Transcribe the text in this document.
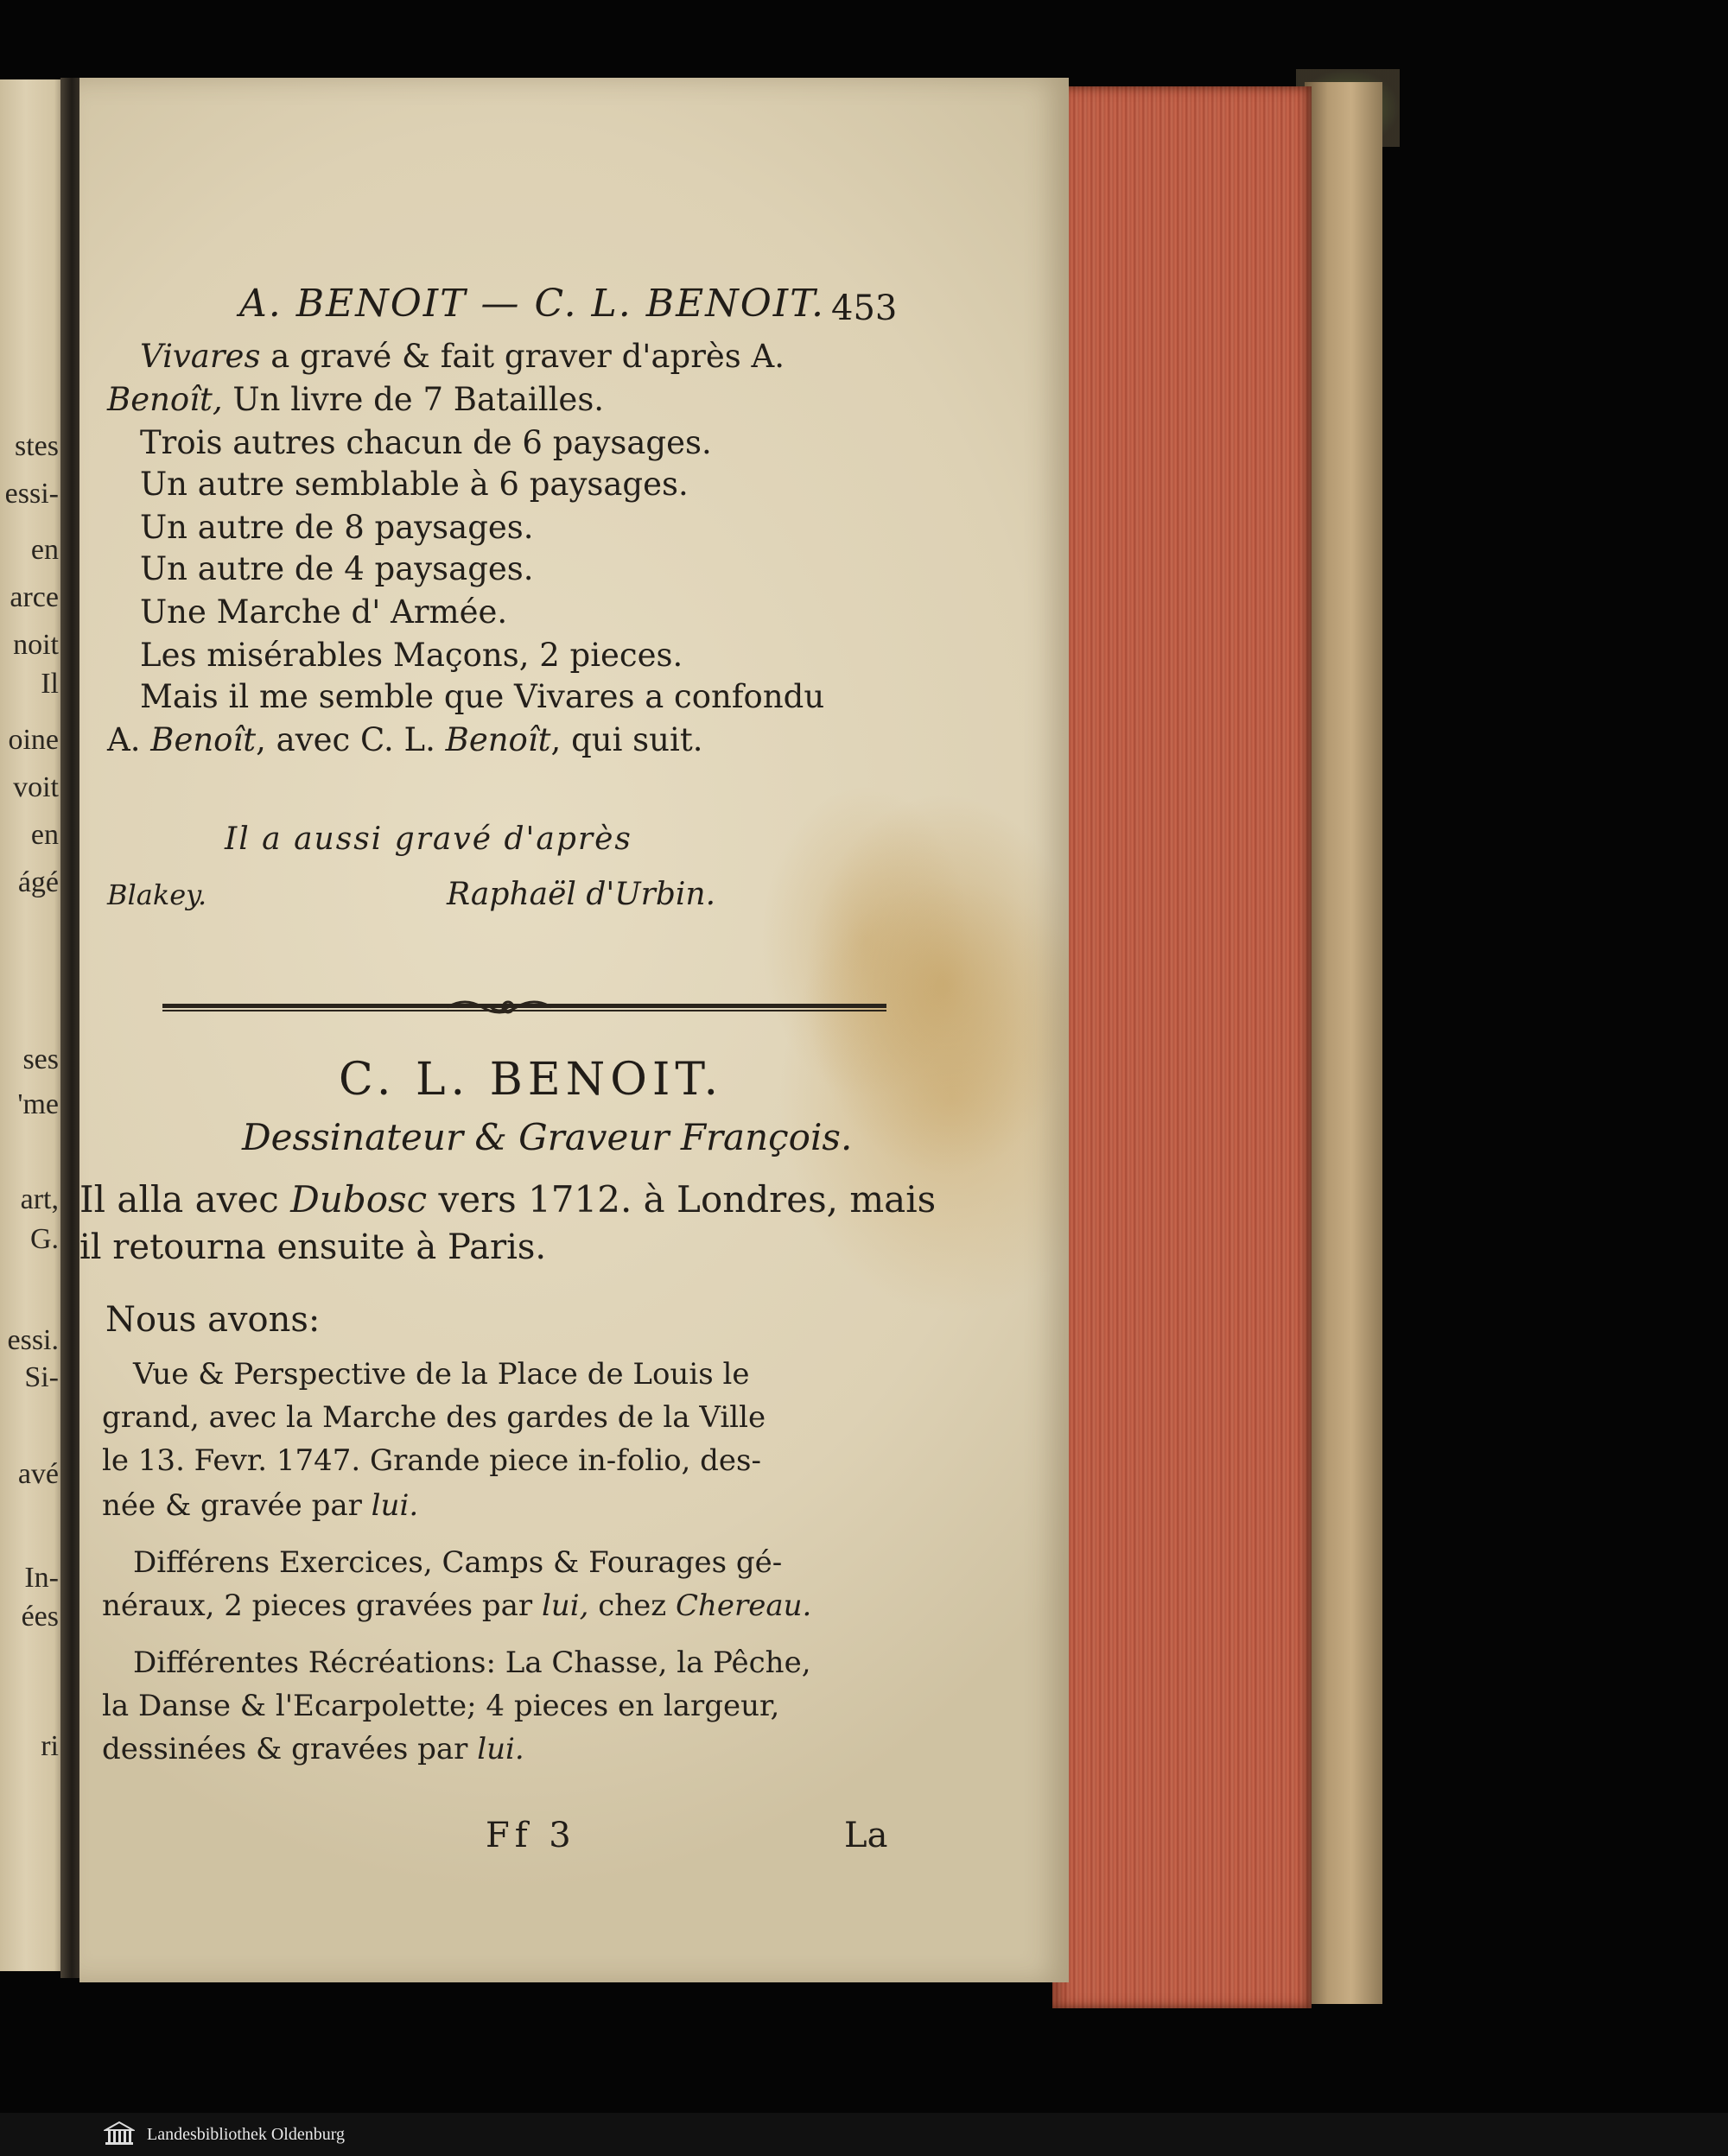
stes
essi-
en
arce
noit
Il
oine
voit
en
ágé
ses
'me
art,
G.
essi.
Si-
avé
In-
ées
ri
A. BENOIT — C. L. BENOIT. 453
Vivares a gravé & fait graver d'après A.
Benoît, Un livre de 7 Batailles.
Trois autres chacun de 6 paysages.
Un autre semblable à 6 paysages.
Un autre de 8 paysages.
Un autre de 4 paysages.
Une Marche d' Armée.
Les misérables Maçons, 2 pieces.
Mais il me semble que Vivares a confondu
A. Benoît, avec C. L. Benoît, qui suit.
Il a aussi gravé d'après
Blakey.	Raphaël d'Urbin.
C. L. BENOIT.
Dessinateur & Graveur François.
Il alla avec Dubosc vers 1712. à Londres, mais
il retourna ensuite à Paris.
Nous avons:
Vue & Perspective de la Place de Louis le
grand, avec la Marche des gardes de la Ville
le 13. Fevr. 1747. Grande piece in-folio, des-
née & gravée par lui.
Différens Exercices, Camps & Fourages gé-
néraux, 2 pieces gravées par lui, chez Chereau.
Différentes Récréations: La Chasse, la Pêche,
la Danse & l'Ecarpolette; 4 pieces en largeur,
dessinées & gravées par lui.
Ff 3	La
Landesbibliothek Oldenburg
